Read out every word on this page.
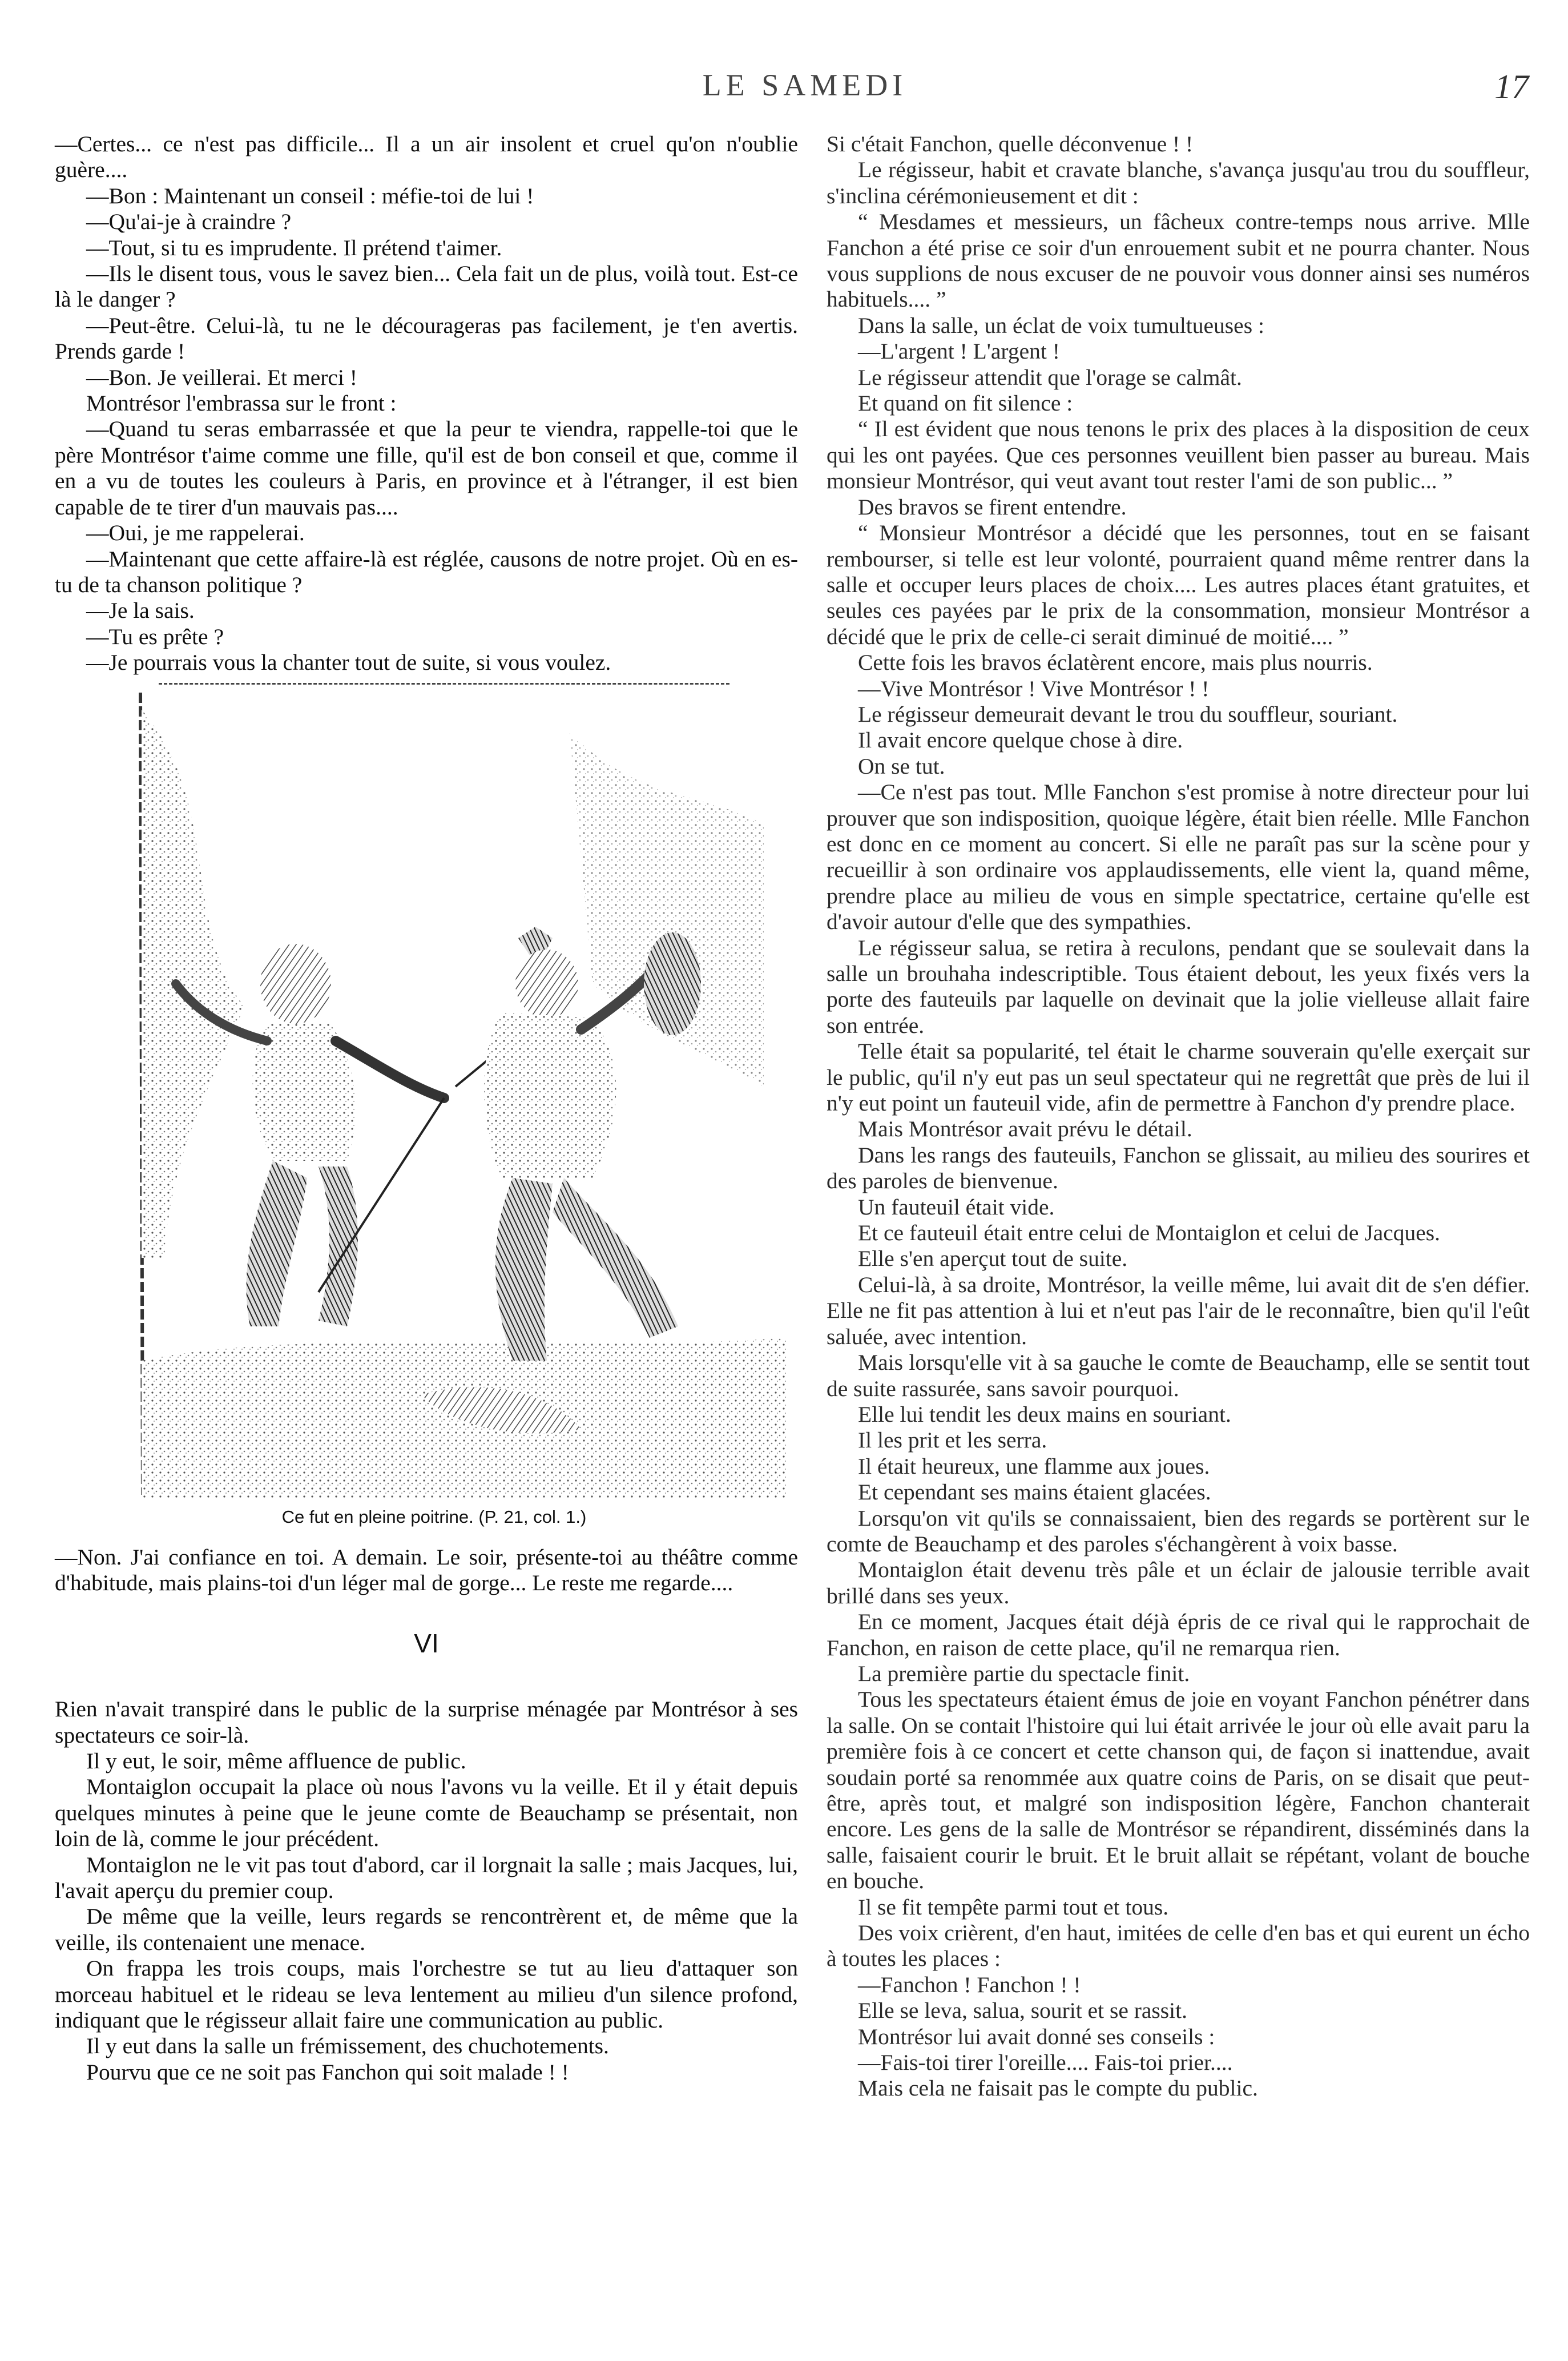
LE SAMEDI	17

—Certes... ce n'est pas difficile... Il a un air insolent et cruel qu'on n'oublie guère....

—Bon : Maintenant un conseil : méfie-toi de lui !

—Qu'ai-je à craindre ?

—Tout, si tu es imprudente. Il prétend t'aimer.

—Ils le disent tous, vous le savez bien... Cela fait un de plus, voilà tout. Est-ce là le danger ?

—Peut-être. Celui-là, tu ne le décourageras pas facilement, je t'en avertis. Prends garde !

—Bon. Je veillerai. Et merci !

Montrésor l'embrassa sur le front :

—Quand tu seras embarrassée et que la peur te viendra, rappelle-toi que le père Montrésor t'aime comme une fille, qu'il est de bon conseil et que, comme il en a vu de toutes les couleurs à Paris, en province et à l'étranger, il est bien capable de te tirer d'un mauvais pas....

—Oui, je me rappelerai.

—Maintenant que cette affaire-là est réglée, causons de notre projet. Où en es-tu de ta chanson politique ?

—Je la sais.

—Tu es prête ?

—Je pourrais vous la chanter tout de suite, si vous voulez.

Ce fut en pleine poitrine. (P. 21, col. 1.)

—Non. J'ai confiance en toi. A demain. Le soir, présente-toi au théâtre comme d'habitude, mais plains-toi d'un léger mal de gorge... Le reste me regarde....

VI

Rien n'avait transpiré dans le public de la surprise ménagée par Montrésor à ses spectateurs ce soir-là.

Il y eut, le soir, même affluence de public.

Montaiglon occupait la place où nous l'avons vu la veille. Et il y était depuis quelques minutes à peine que le jeune comte de Beauchamp se présentait, non loin de là, comme le jour précédent.

Montaiglon ne le vit pas tout d'abord, car il lorgnait la salle ; mais Jacques, lui, l'avait aperçu du premier coup.

De même que la veille, leurs regards se rencontrèrent et, de même que la veille, ils contenaient une menace.

On frappa les trois coups, mais l'orchestre se tut au lieu d'attaquer son morceau habituel et le rideau se leva lentement au milieu d'un silence profond, indiquant que le régisseur allait faire une communication au public.

Il y eut dans la salle un frémissement, des chuchotements.

Pourvu que ce ne soit pas Fanchon qui soit malade ! !

Si c'était Fanchon, quelle déconvenue ! !

Le régisseur, habit et cravate blanche, s'avança jusqu'au trou du souffleur, s'inclina cérémonieusement et dit :

“ Mesdames et messieurs, un fâcheux contre-temps nous arrive. Mlle Fanchon a été prise ce soir d'un enrouement subit et ne pourra chanter. Nous vous supplions de nous excuser de ne pouvoir vous donner ainsi ses numéros habituels.... ”

Dans la salle, un éclat de voix tumultueuses :

—L'argent ! L'argent !

Le régisseur attendit que l'orage se calmât.

Et quand on fit silence :

“ Il est évident que nous tenons le prix des places à la disposition de ceux qui les ont payées. Que ces personnes veuillent bien passer au bureau. Mais monsieur Montrésor, qui veut avant tout rester l'ami de son public... ”

Des bravos se firent entendre.

“ Monsieur Montrésor a décidé que les personnes, tout en se faisant rembourser, si telle est leur volonté, pourraient quand même rentrer dans la salle et occuper leurs places de choix.... Les autres places étant gratuites, et seules ces payées par le prix de la consommation, monsieur Montrésor a décidé que le prix de celle-ci serait diminué de moitié.... ”

Cette fois les bravos éclatèrent encore, mais plus nourris.

—Vive Montrésor ! Vive Montrésor ! !

Le régisseur demeurait devant le trou du souffleur, souriant.

Il avait encore quelque chose à dire.

On se tut.

—Ce n'est pas tout. Mlle Fanchon s'est promise à notre directeur pour lui prouver que son indisposition, quoique légère, était bien réelle. Mlle Fanchon est donc en ce moment au concert. Si elle ne paraît pas sur la scène pour y recueillir à son ordinaire vos applaudissements, elle vient la, quand même, prendre place au milieu de vous en simple spectatrice, certaine qu'elle est d'avoir autour d'elle que des sympathies.

Le régisseur salua, se retira à reculons, pendant que se soulevait dans la salle un brouhaha indescriptible. Tous étaient debout, les yeux fixés vers la porte des fauteuils par laquelle on devinait que la jolie vielleuse allait faire son entrée.

Telle était sa popularité, tel était le charme souverain qu'elle exerçait sur le public, qu'il n'y eut pas un seul spectateur qui ne regrettât que près de lui il n'y eut point un fauteuil vide, afin de permettre à Fanchon d'y prendre place.

Mais Montrésor avait prévu le détail.

Dans les rangs des fauteuils, Fanchon se glissait, au milieu des sourires et des paroles de bienvenue.

Un fauteuil était vide.

Et ce fauteuil était entre celui de Montaiglon et celui de Jacques.

Elle s'en aperçut tout de suite.

Celui-là, à sa droite, Montrésor, la veille même, lui avait dit de s'en défier. Elle ne fit pas attention à lui et n'eut pas l'air de le reconnaître, bien qu'il l'eût saluée, avec intention.

Mais lorsqu'elle vit à sa gauche le comte de Beauchamp, elle se sentit tout de suite rassurée, sans savoir pourquoi.

Elle lui tendit les deux mains en souriant.

Il les prit et les serra.

Il était heureux, une flamme aux joues.

Et cependant ses mains étaient glacées.

Lorsqu'on vit qu'ils se connaissaient, bien des regards se portèrent sur le comte de Beauchamp et des paroles s'échangèrent à voix basse.

Montaiglon était devenu très pâle et un éclair de jalousie terrible avait brillé dans ses yeux.

En ce moment, Jacques était déjà épris de ce rival qui le rapprochait de Fanchon, en raison de cette place, qu'il ne remarqua rien.

La première partie du spectacle finit.

Tous les spectateurs étaient émus de joie en voyant Fanchon pénétrer dans la salle. On se contait l'histoire qui lui était arrivée le jour où elle avait paru la première fois à ce concert et cette chanson qui, de façon si inattendue, avait soudain porté sa renommée aux quatre coins de Paris, on se disait que peut-être, après tout, et malgré son indisposition légère, Fanchon chanterait encore. Les gens de la salle de Montrésor se répandirent, disséminés dans la salle, faisaient courir le bruit. Et le bruit allait se répétant, volant de bouche en bouche.

Il se fit tempête parmi tout et tous.

Des voix crièrent, d'en haut, imitées de celle d'en bas et qui eurent un écho à toutes les places :

—Fanchon ! Fanchon ! !

Elle se leva, salua, sourit et se rassit.

Montrésor lui avait donné ses conseils :

—Fais-toi tirer l'oreille.... Fais-toi prier....

Mais cela ne faisait pas le compte du public.
